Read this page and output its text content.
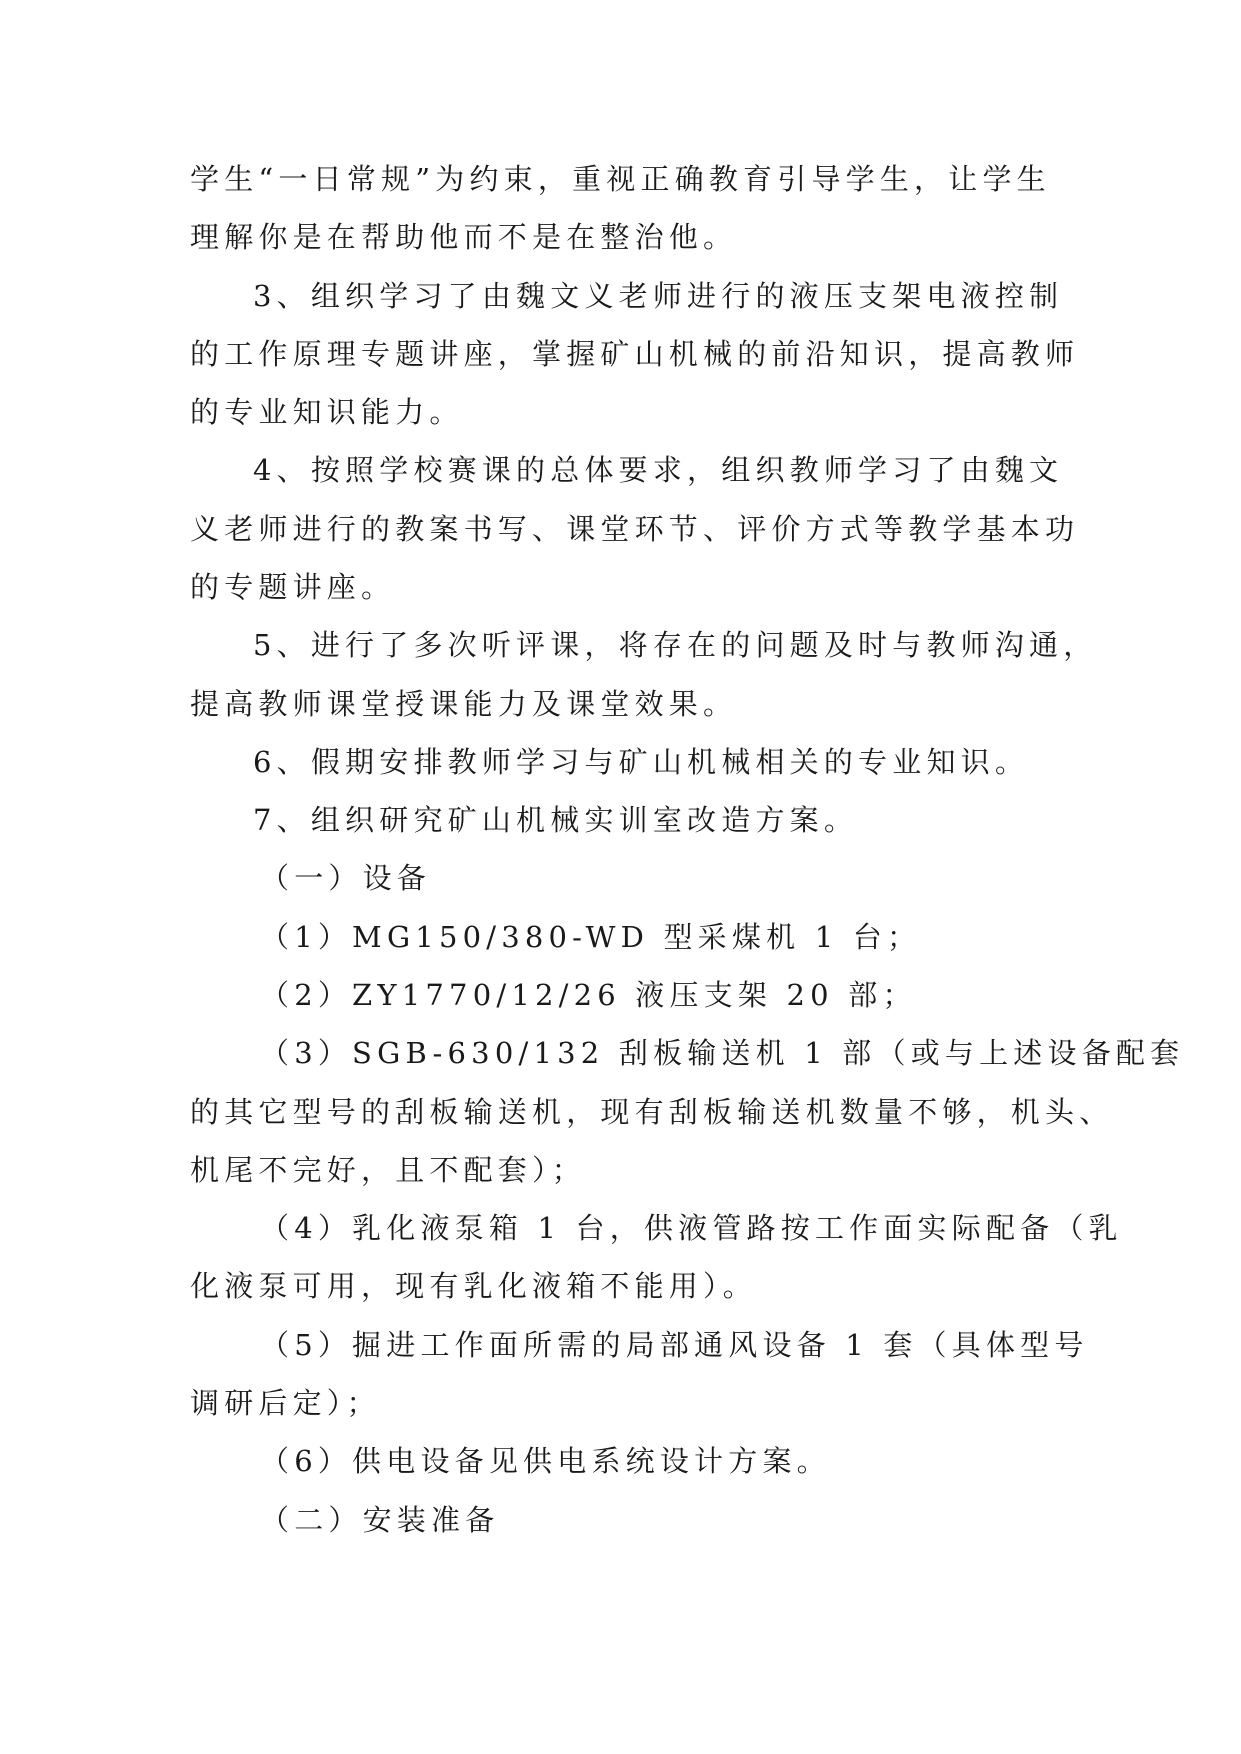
学生“一日常规”为约束，重视正确教育引导学生，让学生
理解你是在帮助他而不是在整治他。
3、组织学习了由魏文义老师进行的液压支架电液控制
的工作原理专题讲座，掌握矿山机械的前沿知识，提高教师
的专业知识能力。
4、按照学校赛课的总体要求，组织教师学习了由魏文
义老师进行的教案书写、课堂环节、评价方式等教学基本功
的专题讲座。
5、进行了多次听评课，将存在的问题及时与教师沟通，
提高教师课堂授课能力及课堂效果。
6、假期安排教师学习与矿山机械相关的专业知识。
7、组织研究矿山机械实训室改造方案。
（一）设备
（1）MG150/380-WD 型采煤机 1 台；
（2）ZY1770/12/26 液压支架 20 部；
（3）SGB-630/132 刮板输送机 1 部（或与上述设备配套
的其它型号的刮板输送机，现有刮板输送机数量不够，机头、
机尾不完好，且不配套）；
（4）乳化液泵箱 1 台，供液管路按工作面实际配备（乳
化液泵可用，现有乳化液箱不能用）。
（5）掘进工作面所需的局部通风设备 1 套（具体型号
调研后定）；
（6）供电设备见供电系统设计方案。
（二）安装准备
